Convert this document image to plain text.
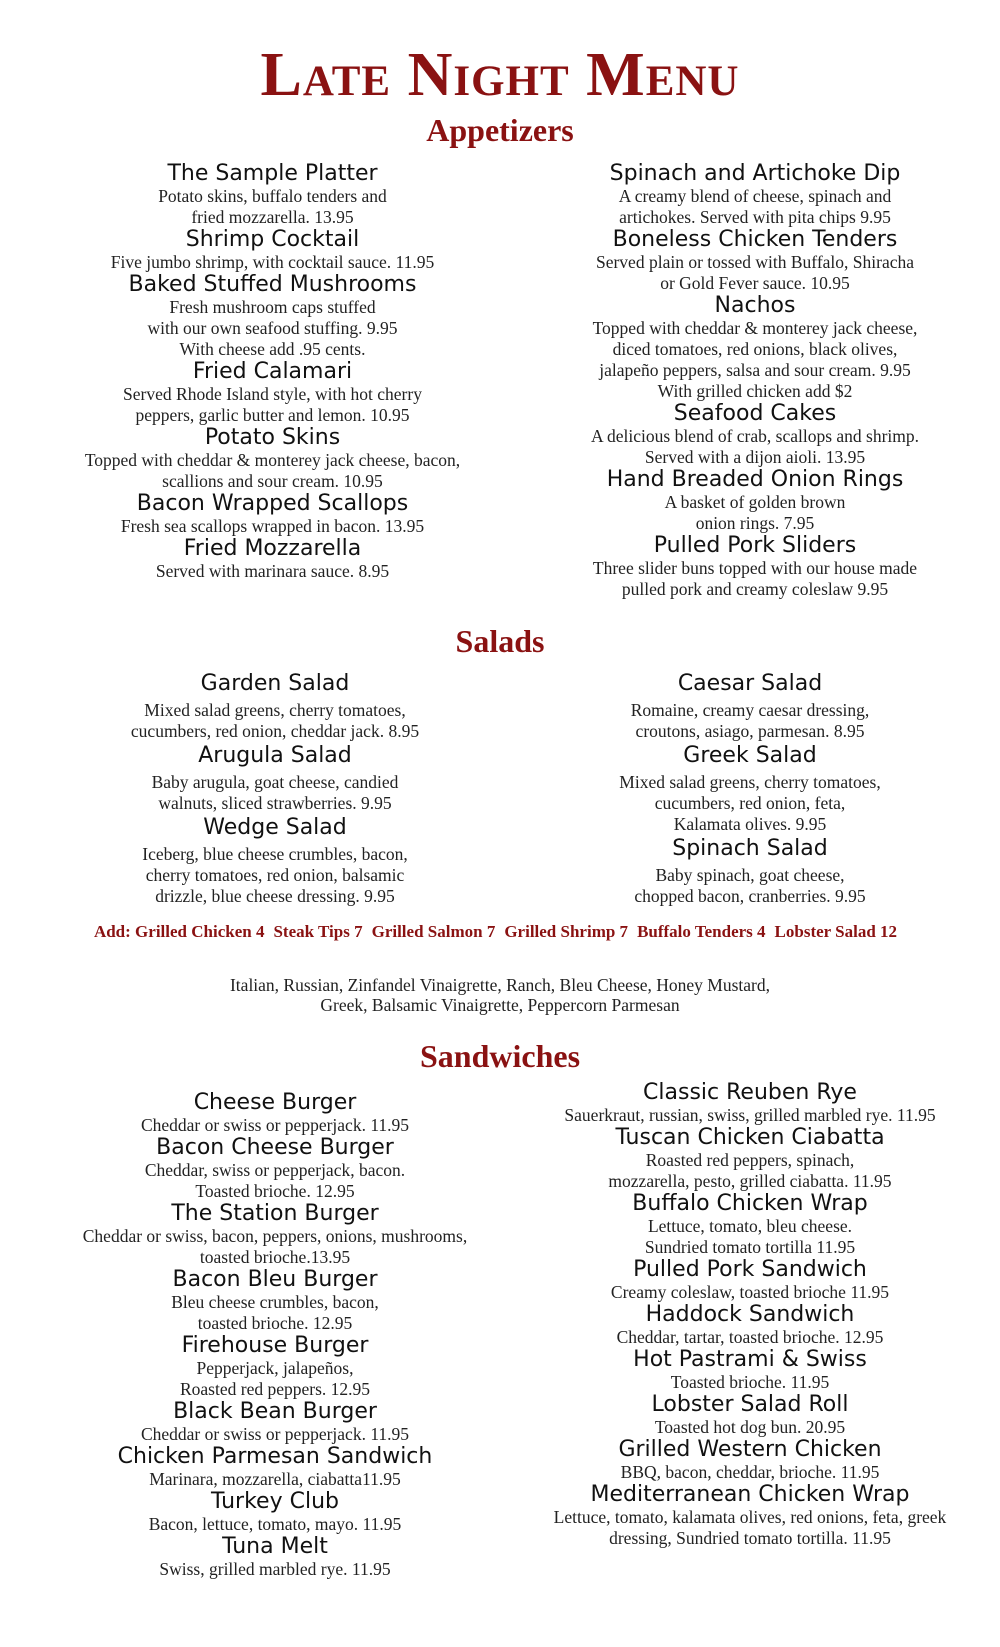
Late Night Menu
Appetizers
The Sample Platter
Potato skins, buffalo tenders and
fried mozzarella. 13.95
Shrimp Cocktail
Five jumbo shrimp, with cocktail sauce. 11.95
Baked Stuffed Mushrooms
Fresh mushroom caps stuffed
with our own seafood stuffing. 9.95
With cheese add .95 cents.
Fried Calamari
Served Rhode Island style, with hot cherry
peppers, garlic butter and lemon. 10.95
Potato Skins
Topped with cheddar & monterey jack cheese, bacon,
scallions and sour cream. 10.95
Bacon Wrapped Scallops
Fresh sea scallops wrapped in bacon. 13.95
Fried Mozzarella
Served with marinara sauce. 8.95
Spinach and Artichoke Dip
A creamy blend of cheese, spinach and
artichokes. Served with pita chips 9.95
Boneless Chicken Tenders
Served plain or tossed with Buffalo, Shiracha
or Gold Fever sauce. 10.95
Nachos
Topped with cheddar & monterey jack cheese,
diced tomatoes, red onions, black olives,
jalapeño peppers, salsa and sour cream. 9.95
With grilled chicken add $2
Seafood Cakes
A delicious blend of crab, scallops and shrimp.
Served with a dijon aioli. 13.95
Hand Breaded Onion Rings
A basket of golden brown
onion rings. 7.95
Pulled Pork Sliders
Three slider buns topped with our house made
pulled pork and creamy coleslaw 9.95
Salads
Garden Salad
Mixed salad greens, cherry tomatoes,
cucumbers, red onion, cheddar jack. 8.95
Arugula Salad
Baby arugula, goat cheese, candied
walnuts, sliced strawberries. 9.95
Wedge Salad
Iceberg, blue cheese crumbles, bacon,
cherry tomatoes, red onion, balsamic
drizzle, blue cheese dressing. 9.95
Caesar Salad
Romaine, creamy caesar dressing,
croutons, asiago, parmesan. 8.95
Greek Salad
Mixed salad greens, cherry tomatoes,
cucumbers, red onion, feta,
Kalamata olives. 9.95
Spinach Salad
Baby spinach, goat cheese,
chopped bacon, cranberries. 9.95
Add: Grilled Chicken 4 Steak Tips 7 Grilled Salmon 7 Grilled Shrimp 7 Buffalo Tenders 4 Lobster Salad 12
Italian, Russian, Zinfandel Vinaigrette, Ranch, Bleu Cheese, Honey Mustard,
Greek, Balsamic Vinaigrette, Peppercorn Parmesan
Sandwiches
Cheese Burger
Cheddar or swiss or pepperjack. 11.95
Bacon Cheese Burger
Cheddar, swiss or pepperjack, bacon.
Toasted brioche. 12.95
The Station Burger
Cheddar or swiss, bacon, peppers, onions, mushrooms,
toasted brioche.13.95
Bacon Bleu Burger
Bleu cheese crumbles, bacon,
toasted brioche. 12.95
Firehouse Burger
Pepperjack, jalapeños,
Roasted red peppers. 12.95
Black Bean Burger
Cheddar or swiss or pepperjack. 11.95
Chicken Parmesan Sandwich
Marinara, mozzarella, ciabatta11.95
Turkey Club
Bacon, lettuce, tomato, mayo. 11.95
Tuna Melt
Swiss, grilled marbled rye. 11.95
Classic Reuben Rye
Sauerkraut, russian, swiss, grilled marbled rye. 11.95
Tuscan Chicken Ciabatta
Roasted red peppers, spinach,
mozzarella, pesto, grilled ciabatta. 11.95
Buffalo Chicken Wrap
Lettuce, tomato, bleu cheese.
Sundried tomato tortilla 11.95
Pulled Pork Sandwich
Creamy coleslaw, toasted brioche 11.95
Haddock Sandwich
Cheddar, tartar, toasted brioche. 12.95
Hot Pastrami & Swiss
Toasted brioche. 11.95
Lobster Salad Roll
Toasted hot dog bun. 20.95
Grilled Western Chicken
BBQ, bacon, cheddar, brioche. 11.95
Mediterranean Chicken Wrap
Lettuce, tomato, kalamata olives, red onions, feta, greek
dressing, Sundried tomato tortilla. 11.95
